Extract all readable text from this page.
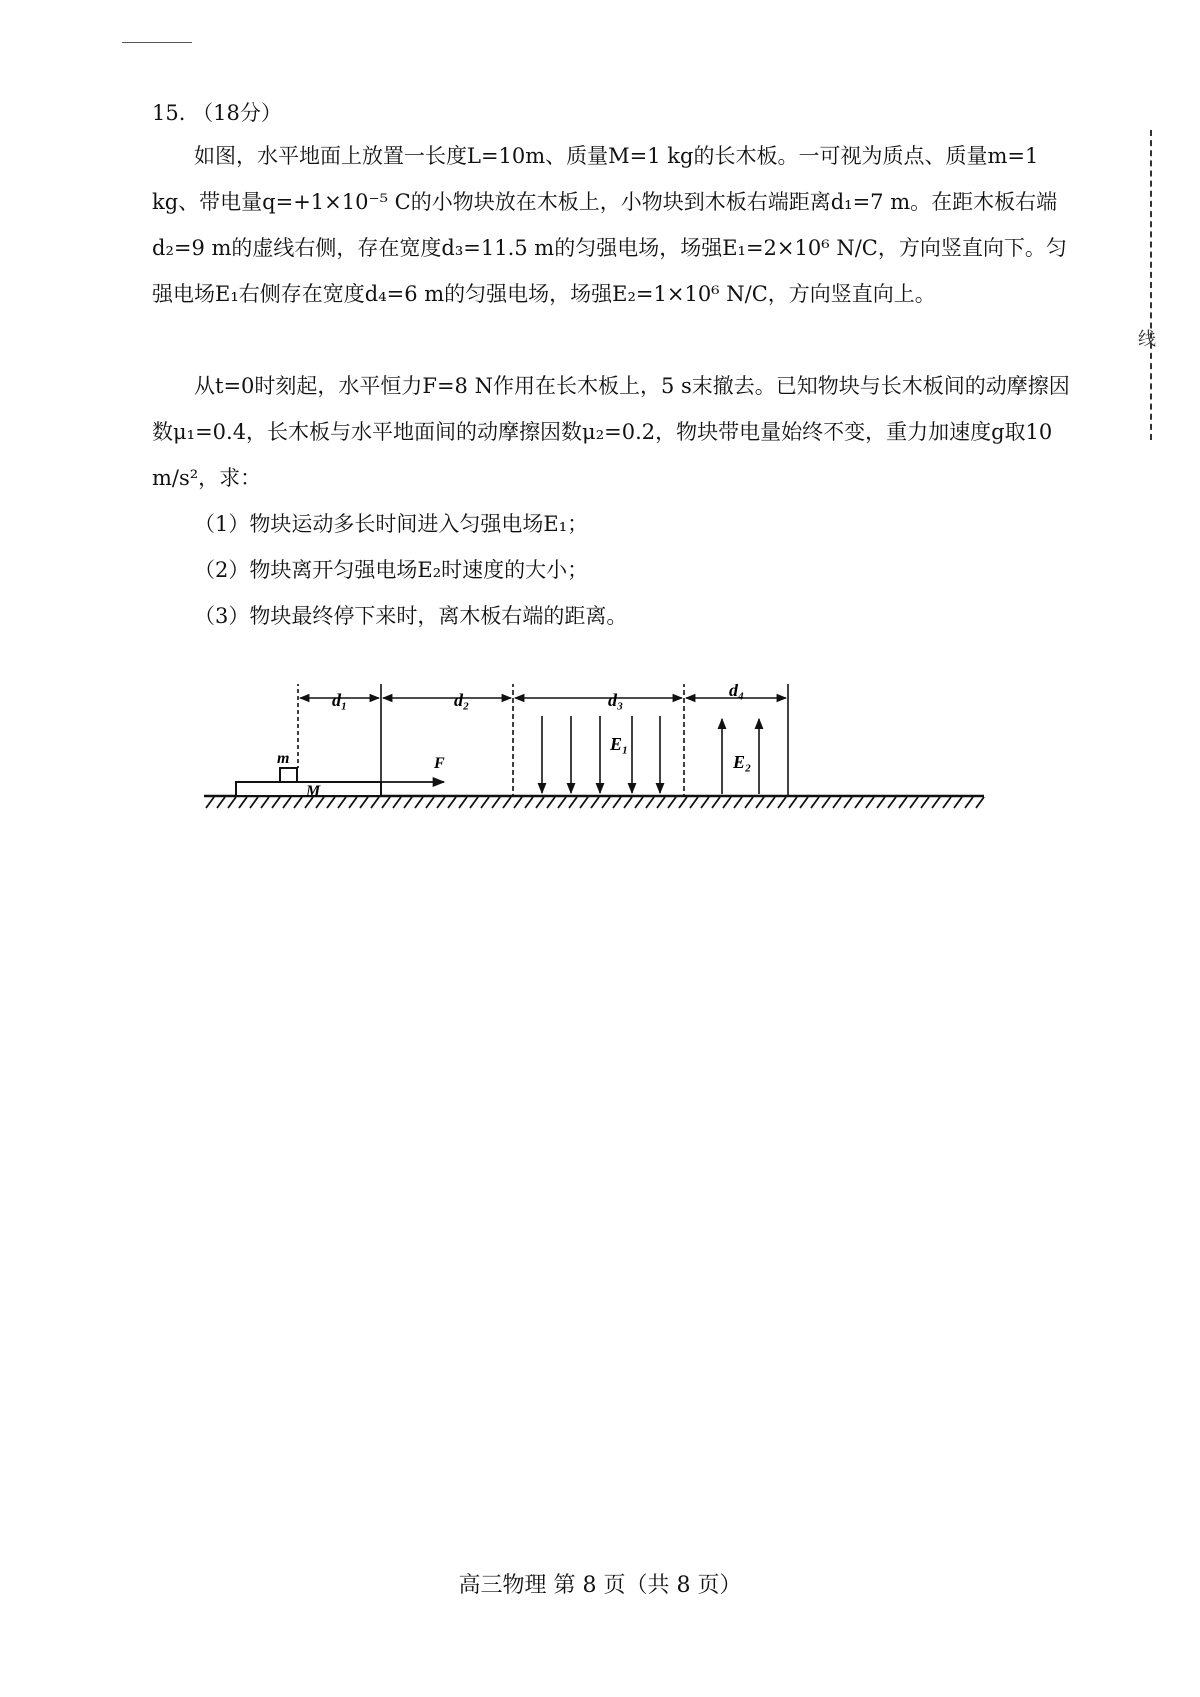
线
15. （18分）
如图，水平地面上放置一长度L=10m、质量M=1 kg的长木板。一可视为质点、质量m=1 kg、带电量q=+1×10⁻⁵ C的小物块放在木板上，小物块到木板右端距离d₁=7 m。在距木板右端d₂=9 m的虚线右侧，存在宽度d₃=11.5 m的匀强电场，场强E₁=2×10⁶ N/C，方向竖直向下。匀强电场E₁右侧存在宽度d₄=6 m的匀强电场，场强E₂=1×10⁶ N/C，方向竖直向上。
从t=0时刻起，水平恒力F=8 N作用在长木板上，5 s末撤去。已知物块与长木板间的动摩擦因数μ₁=0.4，长木板与水平地面间的动摩擦因数μ₂=0.2，物块带电量始终不变，重力加速度g取10 m/s²，求：
（1）物块运动多长时间进入匀强电场E₁；
（2）物块离开匀强电场E₂时速度的大小；
（3）物块最终停下来时，离木板右端的距离。
m
M
F
d₁	d₂	d₃	d₄
E₁
E₂
高三物理 第 8 页（共 8 页）
